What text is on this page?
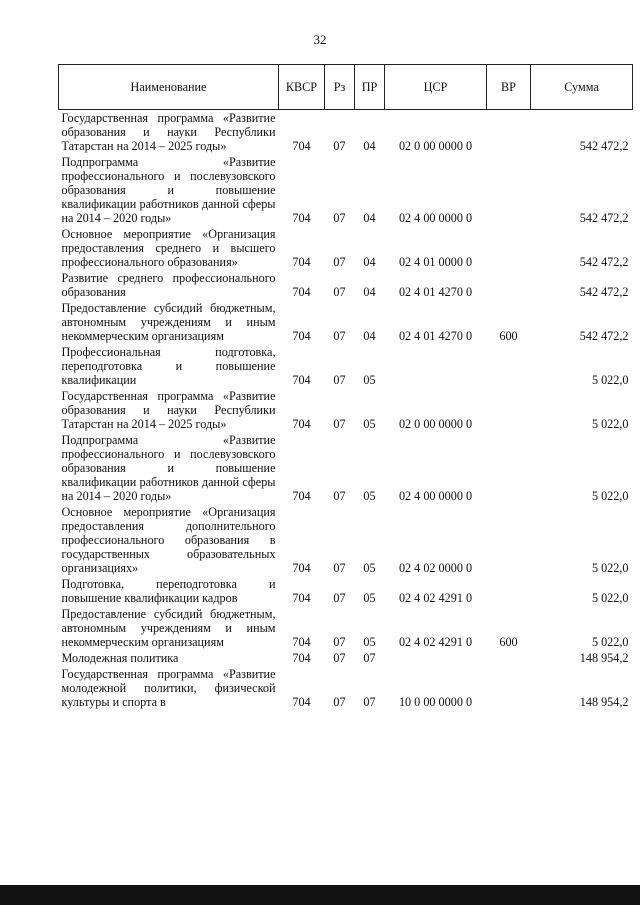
32
Наименование	КВСР	Рз	ПР	ЦСР	ВР	Сумма
Государственная программа «Развитие образования и науки Республики Татарстан на 2014 – 2025 годы»	704	07	04	02 0 00 0000 0		542 472,2
Подпрограмма «Развитие профессионального и послевузовского образования и повышение квалификации работников данной сферы на 2014 – 2020 годы»	704	07	04	02 4 00 0000 0		542 472,2
Основное мероприятие «Организация предоставления среднего и высшего профессионального образования»	704	07	04	02 4 01 0000 0		542 472,2
Развитие среднего профессионального образования	704	07	04	02 4 01 4270 0		542 472,2
Предоставление субсидий бюджетным, автономным учреждениям и иным некоммерческим организациям	704	07	04	02 4 01 4270 0	600	542 472,2
Профессиональная подготовка, переподготовка и повышение квалификации	704	07	05			5 022,0
Государственная программа «Развитие образования и науки Республики Татарстан на 2014 – 2025 годы»	704	07	05	02 0 00 0000 0		5 022,0
Подпрограмма «Развитие профессионального и послевузовского образования и повышение квалификации работников данной сферы на 2014 – 2020 годы»	704	07	05	02 4 00 0000 0		5 022,0
Основное мероприятие «Организация предоставления дополнительного профессионального образования в государственных образовательных организациях»	704	07	05	02 4 02 0000 0		5 022,0
Подготовка, переподготовка и повышение квалификации кадров	704	07	05	02 4 02 4291 0		5 022,0
Предоставление субсидий бюджетным, автономным учреждениям и иным некоммерческим организациям	704	07	05	02 4 02 4291 0	600	5 022,0
Молодежная политика	704	07	07			148 954,2
Государственная программа «Развитие молодежной политики, физической культуры и спорта в	704	07	07	10 0 00 0000 0		148 954,2
